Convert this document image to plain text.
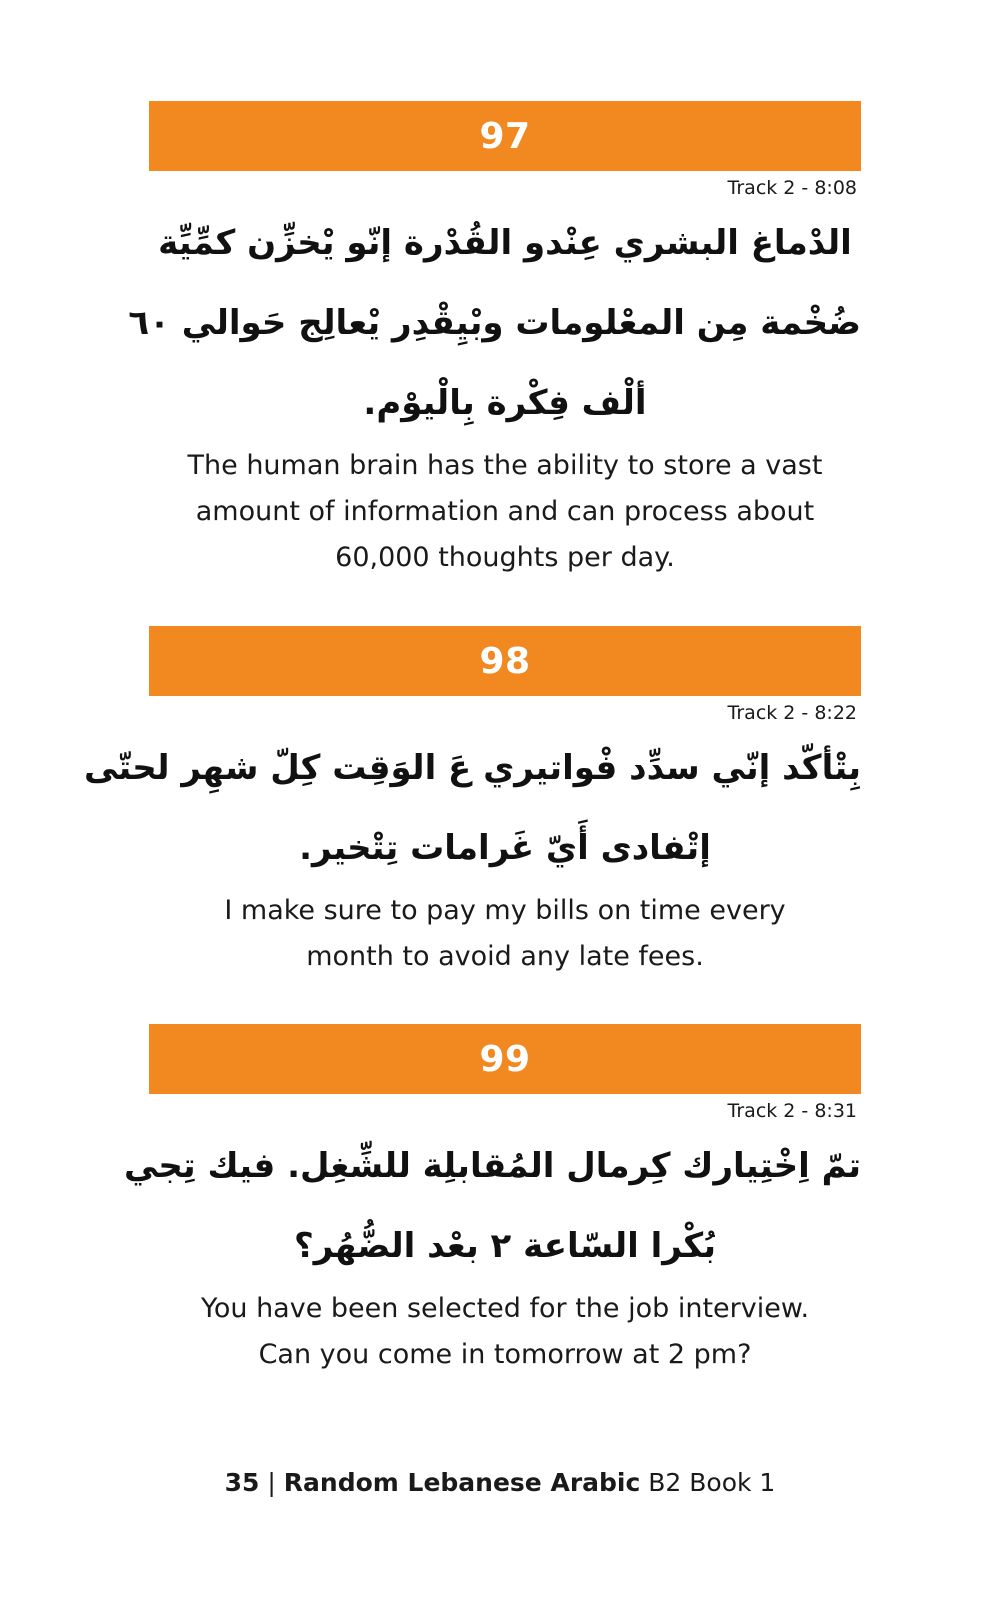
97
Track 2 - 8:08
الدْماغ البشري عِنْدو القُدْرة إنّو يْخزِّن كمِّيِّة
ضُخْمة مِن المعْلومات وبْيِقْدِر يْعالِج حَوالي ٦٠
ألْف فِكْرة بِالْيوْم.
The human brain has the ability to store a vast
amount of information and can process about
60,000 thoughts per day.
98
Track 2 - 8:22
بِتْأكّد إنّي سدِّد فْواتيري عَ الوَقِت كِلّ شهِر لحتّى
إتْفادى أَيّ غَرامات تِتْخير.
I make sure to pay my bills on time every
month to avoid any late fees.
99
Track 2 - 8:31
تمّ اِخْتِيارك كِرمال المُقابلِة للشِّغِل. فيك تِجي
بُكْرا السّاعة ٢ بعْد الضُّهُر؟
You have been selected for the job interview.
Can you come in tomorrow at 2 pm?
35 | Random Lebanese Arabic B2 Book 1
